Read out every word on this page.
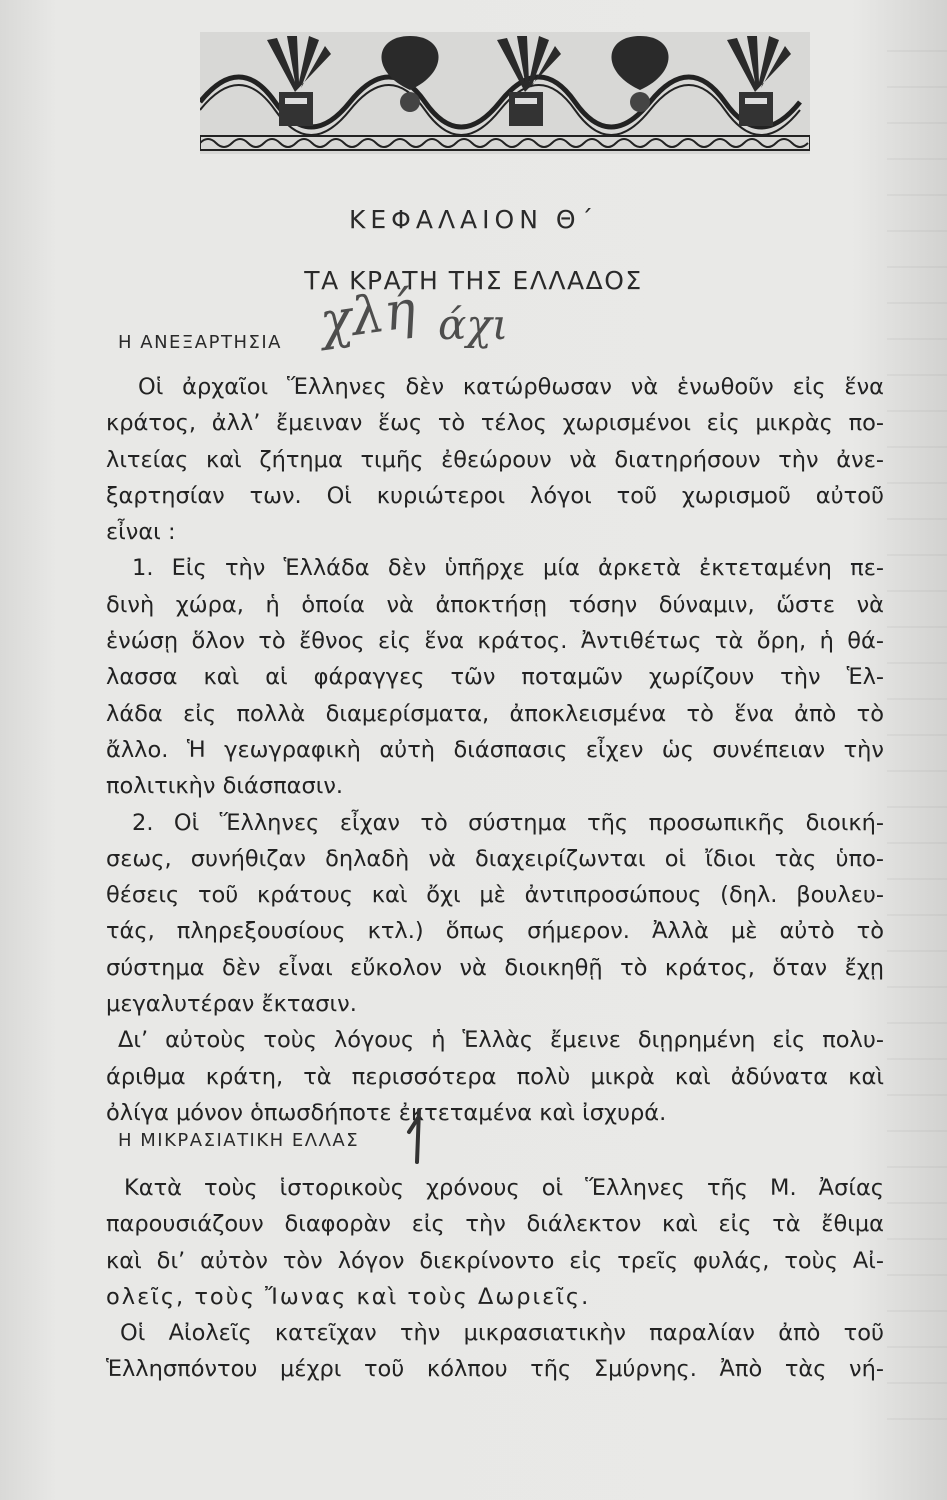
ΚΕΦΑΛΑΙΟΝ Θ΄
ΤΑ ΚΡΑΤΗ ΤΗΣ ΕΛΛΑΔΟΣ
χλή άχι
Η ΑΝΕΞΑΡΤΗΣΙΑ
Οἱ ἀρχαῖοι Ἕλληνες δὲν κατώρθωσαν νὰ ἑνωθοῦν εἰς ἕνα
κράτος, ἀλλ’ ἔμειναν ἕως τὸ τέλος χωρισμένοι εἰς μικρὰς πο-
λιτείας καὶ ζήτημα τιμῆς ἐθεώρουν νὰ διατηρήσουν τὴν ἀνε-
ξαρτησίαν των. Οἱ κυριώτεροι λόγοι τοῦ χωρισμοῦ αὐτοῦ
εἶναι :
1. Εἰς τὴν Ἑλλάδα δὲν ὑπῆρχε μία ἀρκετὰ ἐκτεταμένη πε-
δινὴ χώρα, ἡ ὁποία νὰ ἀποκτήσῃ τόσην δύναμιν, ὥστε νὰ
ἑνώσῃ ὅλον τὸ ἔθνος εἰς ἕνα κράτος. Ἀντιθέτως τὰ ὄρη, ἡ θά-
λασσα καὶ αἱ φάραγγες τῶν ποταμῶν χωρίζουν τὴν Ἑλ-
λάδα εἰς πολλὰ διαμερίσματα, ἀποκλεισμένα τὸ ἕνα ἀπὸ τὸ
ἄλλο. Ἡ γεωγραφικὴ αὐτὴ διάσπασις εἶχεν ὡς συνέπειαν τὴν
πολιτικὴν διάσπασιν.
2. Οἱ Ἕλληνες εἶχαν τὸ σύστημα τῆς προσωπικῆς διοική-
σεως, συνήθιζαν δηλαδὴ νὰ διαχειρίζωνται οἱ ἴδιοι τὰς ὑπο-
θέσεις τοῦ κράτους καὶ ὄχι μὲ ἀντιπροσώπους (δηλ. βουλευ-
τάς, πληρεξουσίους κτλ.) ὅπως σήμερον. Ἀλλὰ μὲ αὐτὸ τὸ
σύστημα δὲν εἶναι εὔκολον νὰ διοικηθῇ τὸ κράτος, ὅταν ἔχῃ
μεγαλυτέραν ἔκτασιν.
Δι’ αὐτοὺς τοὺς λόγους ἡ Ἑλλὰς ἔμεινε διῃρημένη εἰς πολυ-
άριθμα κράτη, τὰ περισσότερα πολὺ μικρὰ καὶ ἀδύνατα καὶ
ὀλίγα μόνον ὁπωσδήποτε ἐκτεταμένα καὶ ἰσχυρά.
Η ΜΙΚΡΑΣΙΑΤΙΚΗ ΕΛΛΑΣ
Κατὰ τοὺς ἱστορικοὺς χρόνους οἱ Ἕλληνες τῆς Μ. Ἀσίας
παρουσιάζουν διαφορὰν εἰς τὴν διάλεκτον καὶ εἰς τὰ ἔθιμα
καὶ δι’ αὐτὸν τὸν λόγον διεκρίνοντο εἰς τρεῖς φυλάς, τοὺς Αἰ-
ολεῖς, τοὺς Ἴωνας καὶ τοὺς Δωριεῖς.
Οἱ Αἰολεῖς κατεῖχαν τὴν μικρασιατικὴν παραλίαν ἀπὸ τοῦ
Ἑλλησπόντου μέχρι τοῦ κόλπου τῆς Σμύρνης. Ἀπὸ τὰς νή-
